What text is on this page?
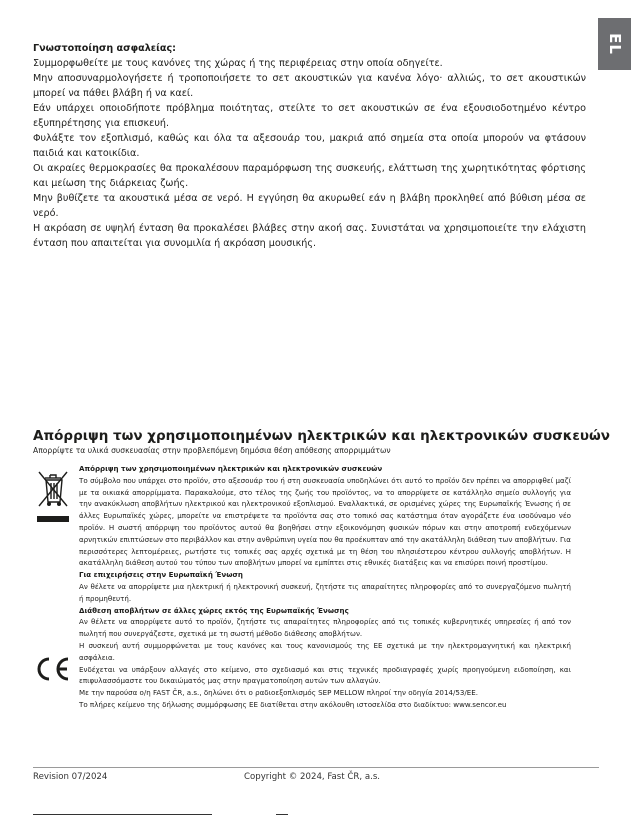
EL
Γνωστοποίηση ασφαλείας:

Συμμορφωθείτε με τους κανόνες της χώρας ή της περιφέρειας στην οποία οδηγείτε.

Μην αποσυναρμολογήσετε ή τροποποιήσετε το σετ ακουστικών για κανένα λόγο· αλλιώς, το σετ ακουστικών μπορεί να πάθει βλάβη ή να καεί.

Εάν υπάρχει οποιοδήποτε πρόβλημα ποιότητας, στείλτε το σετ ακουστικών σε ένα εξουσιοδοτημένο κέντρο εξυπηρέτησης για επισκευή.

Φυλάξτε τον εξοπλισμό, καθώς και όλα τα αξεσουάρ του, μακριά από σημεία στα οποία μπορούν να φτάσουν παιδιά και κατοικίδια.

Οι ακραίες θερμοκρασίες θα προκαλέσουν παραμόρφωση της συσκευής, ελάττωση της χωρητικότητας φόρτισης και μείωση της διάρκειας ζωής.

Μην βυθίζετε τα ακουστικά μέσα σε νερό. Η εγγύηση θα ακυρωθεί εάν η βλάβη προκληθεί από βύθιση μέσα σε νερό.

Η ακρόαση σε υψηλή ένταση θα προκαλέσει βλάβες στην ακοή σας. Συνιστάται να χρησιμοποιείτε την ελάχιστη ένταση που απαιτείται για συνομιλία ή ακρόαση μουσικής.

Απόρριψη των χρησιμοποιημένων ηλεκτρικών και ηλεκτρονικών συσκευών
Απορρίψτε τα υλικά συσκευασίας στην προβλεπόμενη δημόσια θέση απόθεσης απορριμμάτων

Απόρριψη των χρησιμοποιημένων ηλεκτρικών και ηλεκτρονικών συσκευών

Το σύμβολο που υπάρχει στο προϊόν, στο αξεσουάρ του ή στη συσκευασία υποδηλώνει ότι αυτό το προϊόν δεν πρέπει να απορριφθεί μαζί με τα οικιακά απορρίμματα. Παρακαλούμε, στο τέλος της ζωής του προϊόντος, να το απορρίψετε σε κατάλληλο σημείο συλλογής για την ανακύκλωση αποβλήτων ηλεκτρικού και ηλεκτρονικού εξοπλισμού. Εναλλακτικά, σε ορισμένες χώρες της Ευρωπαϊκής Ένωσης ή σε άλλες Ευρωπαϊκές χώρες, μπορείτε να επιστρέψετε τα προϊόντα σας στο τοπικό σας κατάστημα όταν αγοράζετε ένα ισοδύναμο νέο προϊόν. Η σωστή απόρριψη του προϊόντος αυτού θα βοηθήσει στην εξοικονόμηση φυσικών πόρων και στην αποτροπή ενδεχόμενων αρνητικών επιπτώσεων στο περιβάλλον και στην ανθρώπινη υγεία που θα προέκυπταν από την ακατάλληλη διάθεση των αποβλήτων. Για περισσότερες λεπτομέρειες, ρωτήστε τις τοπικές σας αρχές σχετικά με τη θέση του πλησιέστερου κέντρου συλλογής αποβλήτων. Η ακατάλληλη διάθεση αυτού του τύπου των αποβλήτων μπορεί να εμπίπτει στις εθνικές διατάξεις και να επισύρει ποινή προστίμου.

Για επιχειρήσεις στην Ευρωπαϊκή Ένωση

Αν θέλετε να απορρίψετε μια ηλεκτρική ή ηλεκτρονική συσκευή, ζητήστε τις απαραίτητες πληροφορίες από το συνεργαζόμενο πωλητή ή προμηθευτή.

Διάθεση αποβλήτων σε άλλες χώρες εκτός της Ευρωπαϊκής Ένωσης

Αν θέλετε να απορρίψετε αυτό το προϊόν, ζητήστε τις απαραίτητες πληροφορίες από τις τοπικές κυβερνητικές υπηρεσίες ή από τον πωλητή που συνεργάζεστε, σχετικά με τη σωστή μέθοδο διάθεσης αποβλήτων.

Η συσκευή αυτή συμμορφώνεται με τους κανόνες και τους κανονισμούς της ΕΕ σχετικά με την ηλεκτρομαγνητική και ηλεκτρική ασφάλεια.

Ενδέχεται να υπάρξουν αλλαγές στο κείμενο, στο σχεδιασμό και στις τεχνικές προδιαγραφές χωρίς προηγούμενη ειδοποίηση, και επιφυλασσόμαστε του δικαιώματός μας στην πραγματοποίηση αυτών των αλλαγών.

Με την παρούσα ο/η FAST ČR, a.s., δηλώνει ότι ο ραδιοεξοπλισμός SEP MELLOW πληροί την οδηγία 2014/53/EE.

Το πλήρες κείμενο της δήλωσης συμμόρφωσης ΕΕ διατίθεται στην ακόλουθη ιστοσελίδα στο διαδίκτυο: www.sencor.eu

Revision 07/2024	Copyright © 2024, Fast ČR, a.s.
